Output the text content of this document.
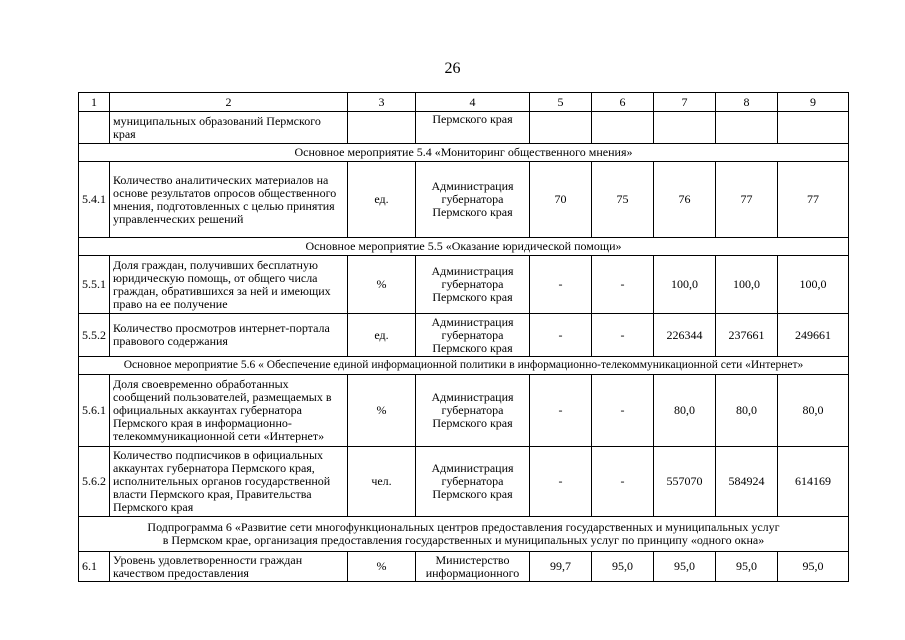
26
1	2	3	4	5	6	7	8	9
	муниципальных образований Пермского края		Пермского края					
Основное мероприятие 5.4 «Мониторинг общественного мнения»								
5.4.1	Количество аналитических материалов на основе результатов опросов общественного мнения, подготовленных с целью принятия управленческих решений	ед.	Администрация губернатора Пермского края	70	75	76	77	77
Основное мероприятие 5.5 «Оказание юридической помощи»								
5.5.1	Доля граждан, получивших бесплатную юридическую помощь, от общего числа граждан, обратившихся за ней и имеющих право на ее получение	%	Администрация губернатора Пермского края	-	-	100,0	100,0	100,0
5.5.2	Количество просмотров интернет-портала правового содержания	ед.	Администрация губернатора Пермского края	-	-	226344	237661	249661
Основное мероприятие 5.6 « Обеспечение единой информационной политики в информационно-телекоммуникационной сети «Интернет»								
5.6.1	Доля своевременно обработанных сообщений пользователей, размещаемых в официальных аккаунтах губернатора Пермского края в информационно-телекоммуникационной сети «Интернет»	%	Администрация губернатора Пермского края	-	-	80,0	80,0	80,0
5.6.2	Количество подписчиков в официальных аккаунтах губернатора Пермского края, исполнительных органов государственной власти Пермского края, Правительства Пермского края	чел.	Администрация губернатора Пермского края	-	-	557070	584924	614169

Подпрограмма 6 «Развитие сети многофункциональных центров предоставления государственных и муниципальных услуг
в Пермском крае, организация предоставления государственных и муниципальных услуг по принципу «одного окна»								

6.1	Уровень удовлетворенности граждан качеством предоставления	%	Министерство информационного	99,7	95,0	95,0	95,0	95,0
